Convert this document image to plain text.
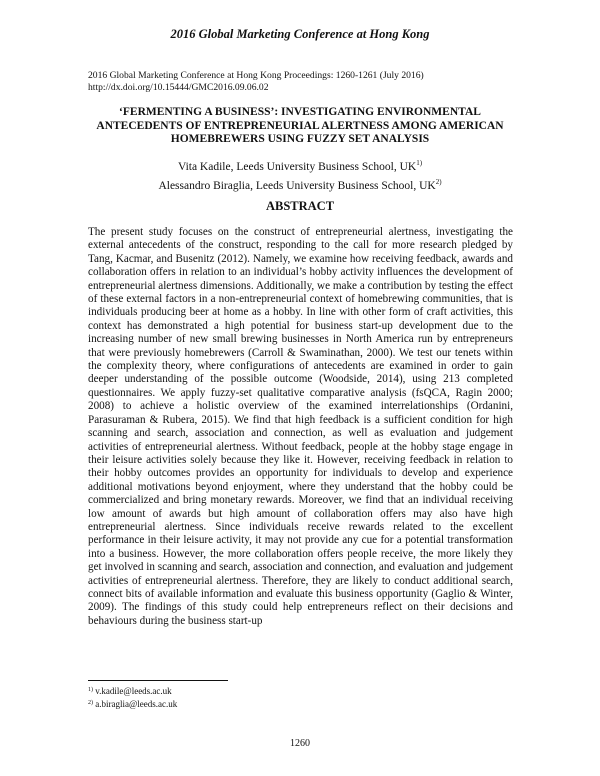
2016 Global Marketing Conference at Hong Kong
2016 Global Marketing Conference at Hong Kong Proceedings: 1260-1261 (July 2016)
http://dx.doi.org/10.15444/GMC2016.09.06.02
‘FERMENTING A BUSINESS’: INVESTIGATING ENVIRONMENTAL ANTECEDENTS OF ENTREPRENEURIAL ALERTNESS AMONG AMERICAN HOMEBREWERS USING FUZZY SET ANALYSIS
Vita Kadile, Leeds University Business School, UK$^{1)}$
Alessandro Biraglia, Leeds University Business School, UK$^{2)}$
ABSTRACT

The present study focuses on the construct of entrepreneurial alertness, investigating the external antecedents of the construct, responding to the call for more research pledged by Tang, Kacmar, and Busenitz (2012). Namely, we examine how receiving feedback, awards and collaboration offers in relation to an individual’s hobby activity influences the development of entrepreneurial alertness dimensions. Additionally, we make a contribution by testing the effect of these external factors in a non-entrepreneurial context of homebrewing communities, that is individuals producing beer at home as a hobby. In line with other form of craft activities, this context has demonstrated a high potential for business start-up development due to the increasing number of new small brewing businesses in North America run by entrepreneurs that were previously homebrewers (Carroll & Swaminathan, 2000). We test our tenets within the complexity theory, where configurations of antecedents are examined in order to gain deeper understanding of the possible outcome (Woodside, 2014), using 213 completed questionnaires. We apply fuzzy-set qualitative comparative analysis (fsQCA, Ragin 2000; 2008) to achieve a holistic overview of the examined interrelationships (Ordanini, Parasuraman & Rubera, 2015). We find that high feedback is a sufficient condition for high scanning and search, association and connection, as well as evaluation and judgement activities of entrepreneurial alertness. Without feedback, people at the hobby stage engage in their leisure activities solely because they like it. However, receiving feedback in relation to their hobby outcomes provides an opportunity for individuals to develop and experience additional motivations beyond enjoyment, where they understand that the hobby could be commercialized and bring monetary rewards. Moreover, we find that an individual receiving low amount of awards but high amount of collaboration offers may also have high entrepreneurial alertness. Since individuals receive rewards related to the excellent performance in their leisure activity, it may not provide any cue for a potential transformation into a business. However, the more collaboration offers people receive, the more likely they get involved in scanning and search, association and connection, and evaluation and judgement activities of entrepreneurial alertness. Therefore, they are likely to conduct additional search, connect bits of available information and evaluate this business opportunity (Gaglio & Winter, 2009). The findings of this study could help entrepreneurs reflect on their decisions and behaviours during the business start-up

$^{1)}$ v.kadile@leeds.ac.uk
$^{2)}$ a.biraglia@leeds.ac.uk
1260
